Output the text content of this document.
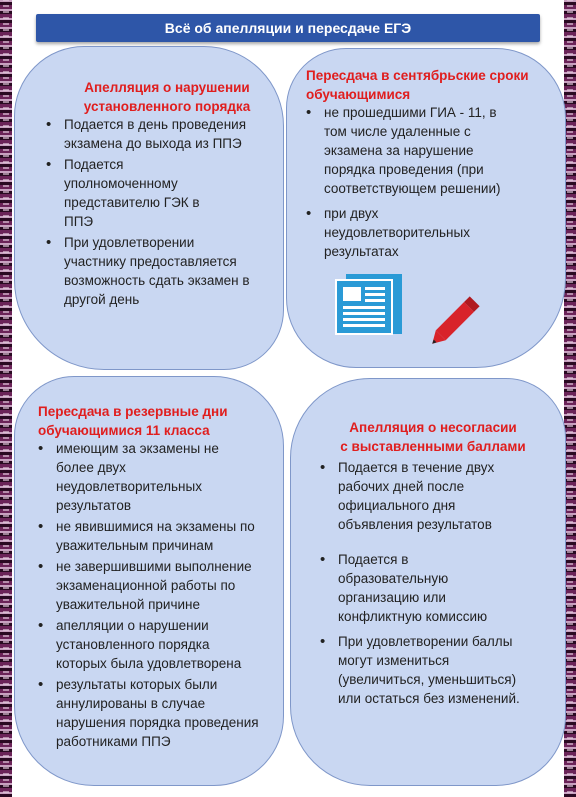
Всё об апелляции и пересдаче ЕГЭ
Апелляция о нарушении
установленного порядка
• Подается в день проведения экзамена до выхода из ППЭ
• Подается уполномоченному представителю ГЭК в ППЭ
• При удовлетворении участнику предоставляется возможность сдать экзамен в другой день
Пересдача в сентябрьские сроки
обучающимися
• не прошедшими ГИА - 11, в том числе удаленные с экзамена за нарушение порядка проведения (при соответствующем решении)
• при двух неудовлетворительных результатах
Пересдача в резервные дни
обучающимися 11 класса
• имеющим за экзамены не более двух неудовлетворительных результатов
• не явившимися на экзамены по уважительным причинам
• не завершившими выполнение экзаменационной работы по уважительной причине
• апелляции о нарушении установленного порядка которых была удовлетворена
• результаты которых были аннулированы в случае нарушения порядка проведения работниками ППЭ
Апелляция о несогласии
с выставленными баллами
• Подается в течение двух рабочих дней после официального дня объявления результатов
• Подается в образовательную организацию или конфликтную комиссию
• При удовлетворении баллы могут измениться (увеличиться, уменьшиться) или остаться без изменений.
